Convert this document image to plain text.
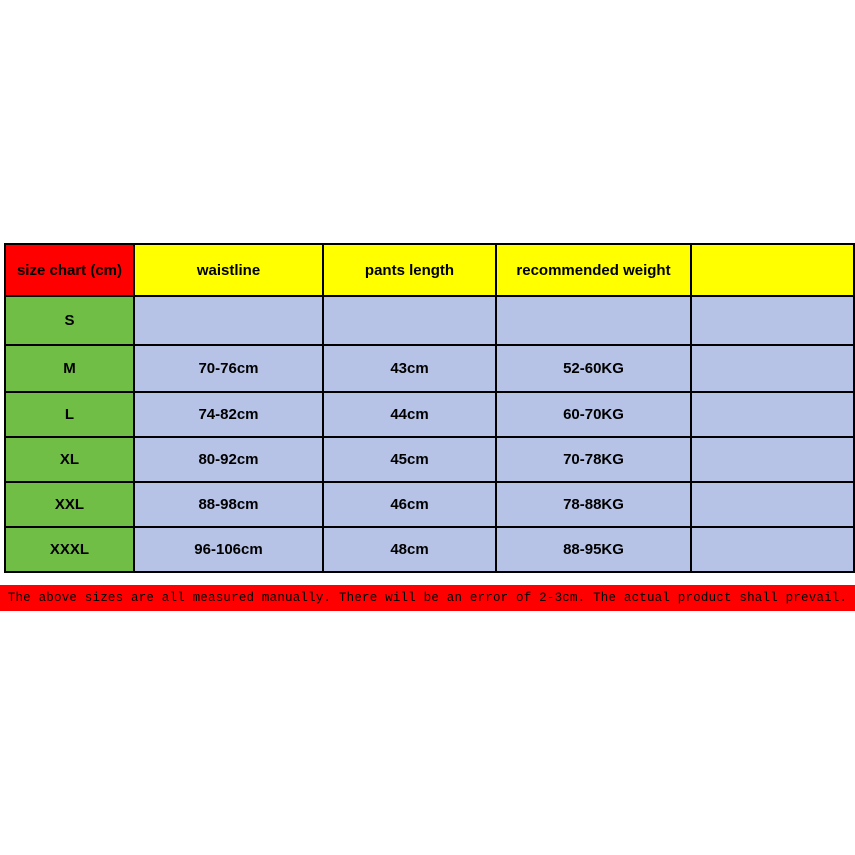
size chart (cm)	waistline	pants length	recommended weight	
S				
M	70-76cm	43cm	52-60KG	
L	74-82cm	44cm	60-70KG	
XL	80-92cm	45cm	70-78KG	
XXL	88-98cm	46cm	78-88KG	
XXXL	96-106cm	48cm	88-95KG	
The above sizes are all measured manually. There will be an error of 2-3cm. The actual product shall prevail.
